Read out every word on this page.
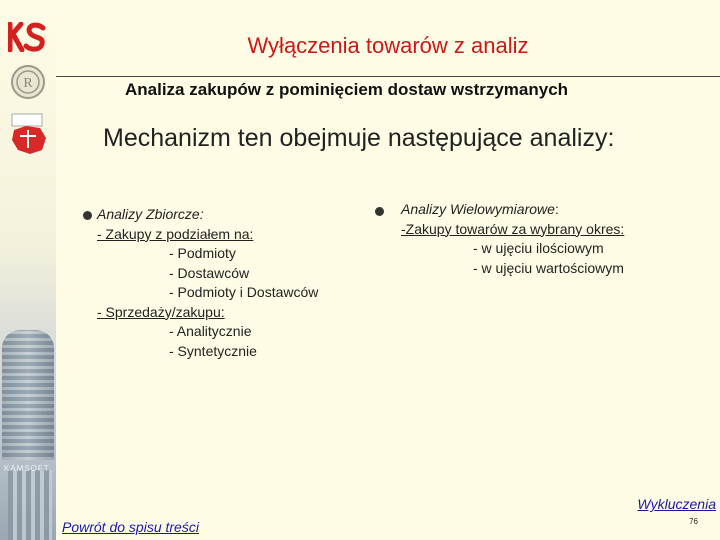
R
KAMSOFT
Wyłączenia towarów z analiz
Analiza zakupów z pominięciem dostaw wstrzymanych
Mechanizm ten obejmuje następujące analizy:
Analizy Zbiorcze:
- Zakupy z podziałem na:
- Podmioty
- Dostawców
- Podmioty i Dostawców
- Sprzedaży/zakupu:
- Analitycznie
- Syntetycznie
Analizy Wielowymiarowe:
-Zakupy towarów za wybrany okres:
- w ujęciu ilościowym
- w ujęciu wartościowym
Powrót do spisu treści
Wykluczenia
76
